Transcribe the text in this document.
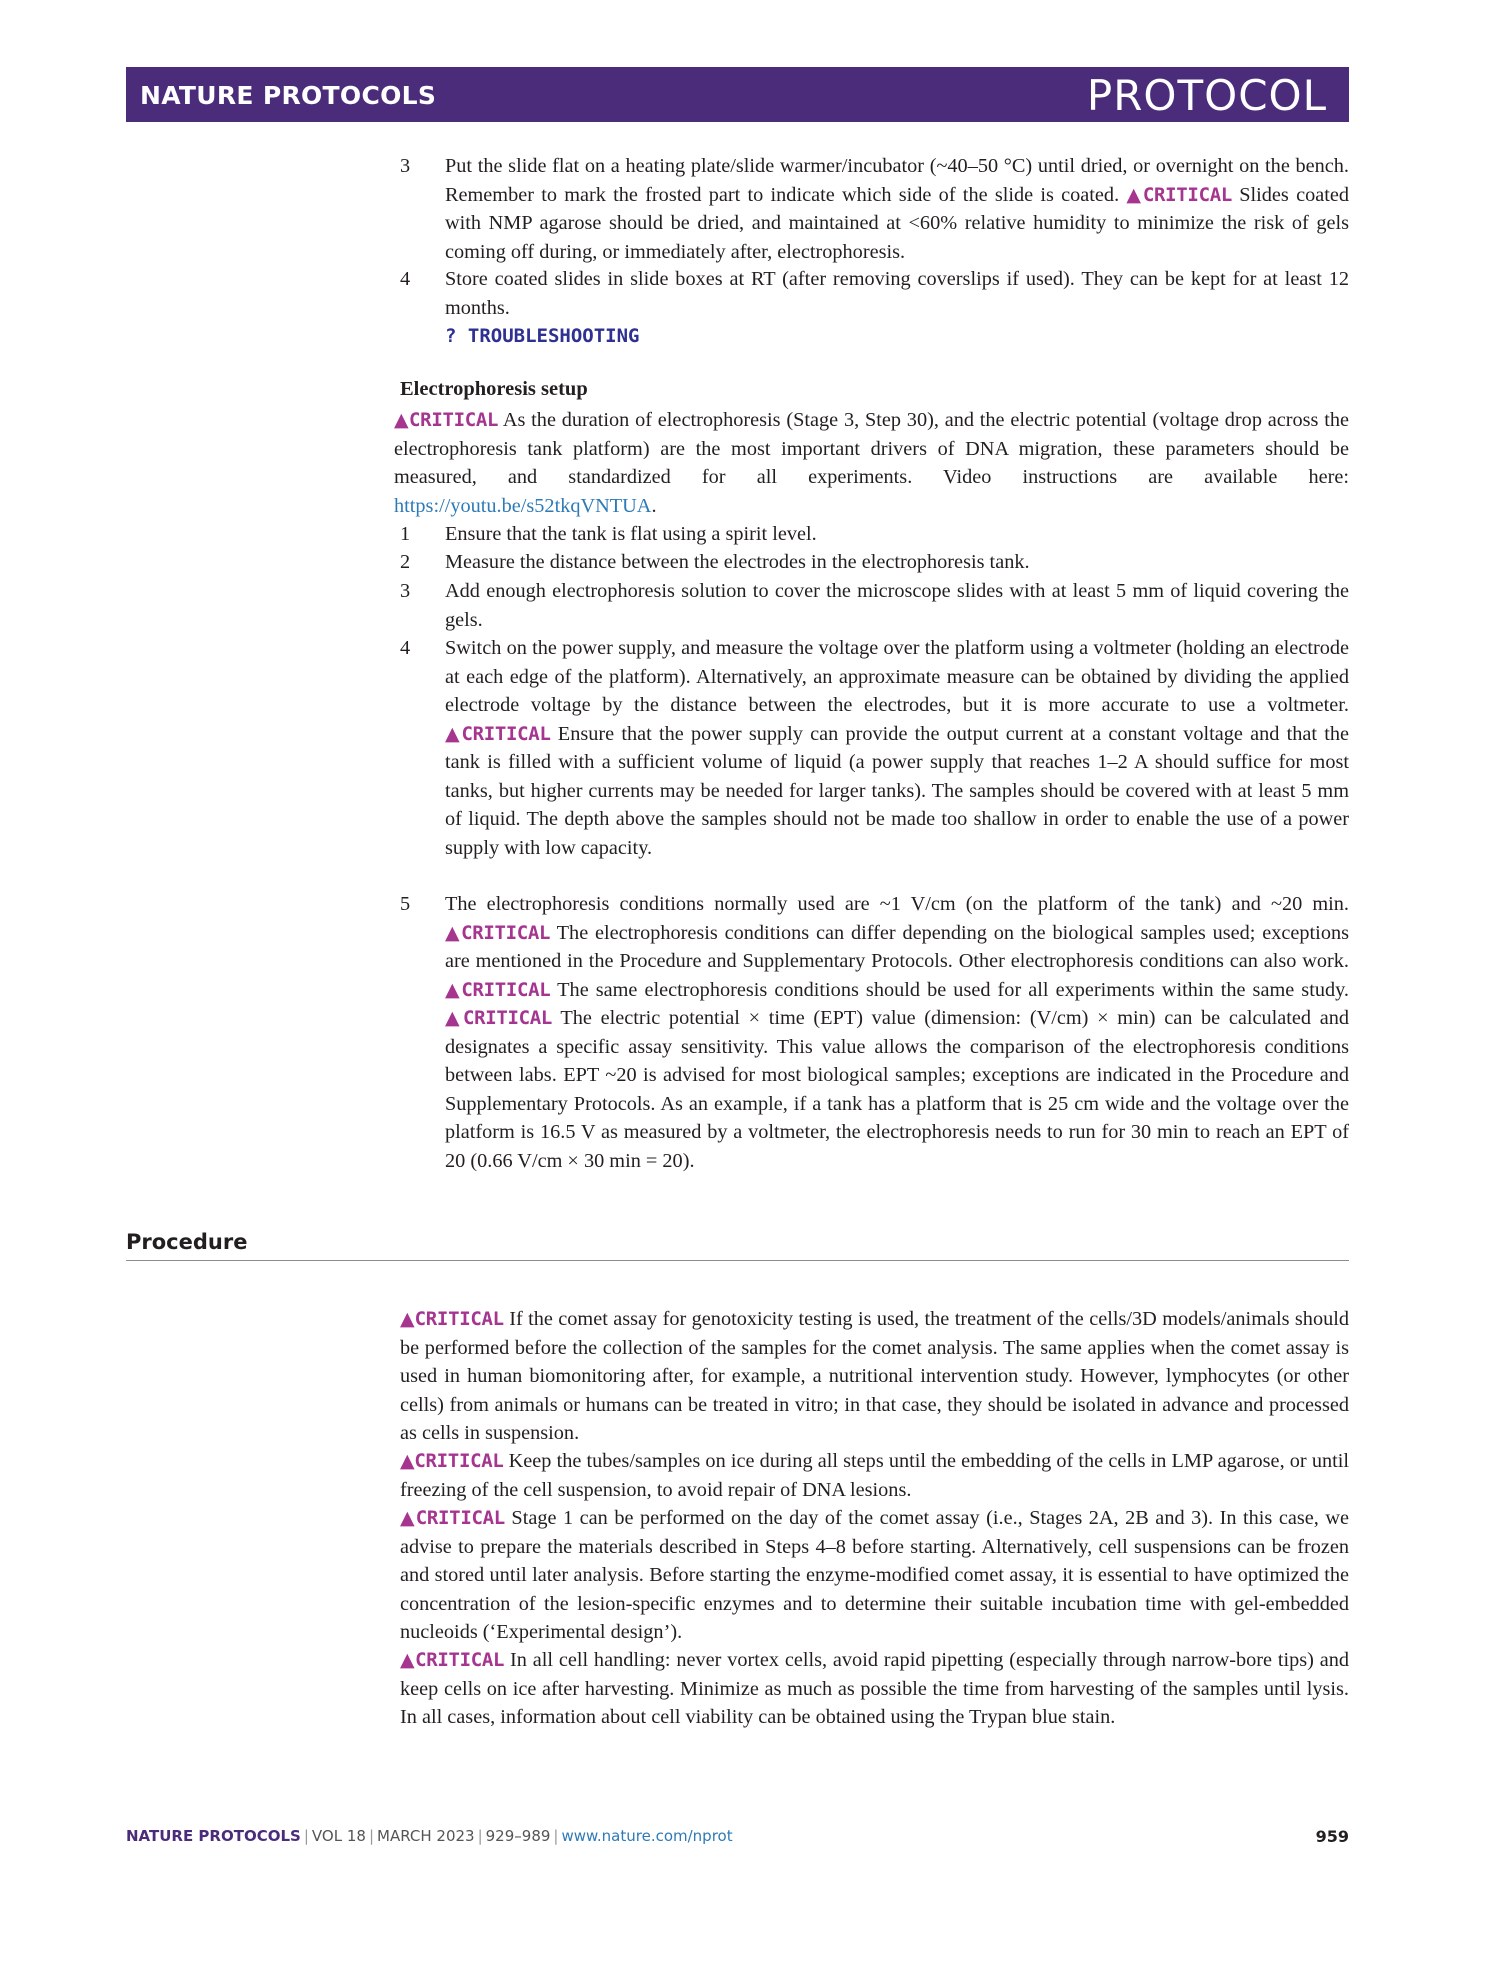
NATURE PROTOCOLS	PROTOCOL
3	Put the slide flat on a heating plate/slide warmer/incubator (~40–50 °C) until dried, or overnight on the bench. Remember to mark the frosted part to indicate which side of the slide is coated. ▲CRITICAL Slides coated with NMP agarose should be dried, and maintained at <60% relative humidity to minimize the risk of gels coming off during, or immediately after, electrophoresis.
4	Store coated slides in slide boxes at RT (after removing coverslips if used). They can be kept for at least 12 months.
? TROUBLESHOOTING
Electrophoresis setup
▲CRITICAL As the duration of electrophoresis (Stage 3, Step 30), and the electric potential (voltage drop across the electrophoresis tank platform) are the most important drivers of DNA migration, these parameters should be measured, and standardized for all experiments. Video instructions are available here: https://youtu.be/s52tkqVNTUA.
1	Ensure that the tank is flat using a spirit level.
2	Measure the distance between the electrodes in the electrophoresis tank.
3	Add enough electrophoresis solution to cover the microscope slides with at least 5 mm of liquid covering the gels.
4	Switch on the power supply, and measure the voltage over the platform using a voltmeter (holding an electrode at each edge of the platform). Alternatively, an approximate measure can be obtained by dividing the applied electrode voltage by the distance between the electrodes, but it is more accurate to use a voltmeter. ▲CRITICAL Ensure that the power supply can provide the output current at a constant voltage and that the tank is filled with a sufficient volume of liquid (a power supply that reaches 1–2 A should suffice for most tanks, but higher currents may be needed for larger tanks). The samples should be covered with at least 5 mm of liquid. The depth above the samples should not be made too shallow in order to enable the use of a power supply with low capacity.
5	The electrophoresis conditions normally used are ~1 V/cm (on the platform of the tank) and ~20 min. ▲CRITICAL The electrophoresis conditions can differ depending on the biological samples used; exceptions are mentioned in the Procedure and Supplementary Protocols. Other electrophoresis conditions can also work. ▲CRITICAL The same electrophoresis conditions should be used for all experiments within the same study. ▲CRITICAL The electric potential × time (EPT) value (dimension: (V/cm) × min) can be calculated and designates a specific assay sensitivity. This value allows the comparison of the electrophoresis conditions between labs. EPT ~20 is advised for most biological samples; exceptions are indicated in the Procedure and Supplementary Protocols. As an example, if a tank has a platform that is 25 cm wide and the voltage over the platform is 16.5 V as measured by a voltmeter, the electrophoresis needs to run for 30 min to reach an EPT of 20 (0.66 V/cm × 30 min = 20).
Procedure
▲CRITICAL If the comet assay for genotoxicity testing is used, the treatment of the cells/3D models/animals should be performed before the collection of the samples for the comet analysis. The same applies when the comet assay is used in human biomonitoring after, for example, a nutritional intervention study. However, lymphocytes (or other cells) from animals or humans can be treated in vitro; in that case, they should be isolated in advance and processed as cells in suspension.
▲CRITICAL Keep the tubes/samples on ice during all steps until the embedding of the cells in LMP agarose, or until freezing of the cell suspension, to avoid repair of DNA lesions.
▲CRITICAL Stage 1 can be performed on the day of the comet assay (i.e., Stages 2A, 2B and 3). In this case, we advise to prepare the materials described in Steps 4–8 before starting. Alternatively, cell suspensions can be frozen and stored until later analysis. Before starting the enzyme-modified comet assay, it is essential to have optimized the concentration of the lesion-specific enzymes and to determine their suitable incubation time with gel-embedded nucleoids (‘Experimental design’).
▲CRITICAL In all cell handling: never vortex cells, avoid rapid pipetting (especially through narrow-bore tips) and keep cells on ice after harvesting. Minimize as much as possible the time from harvesting of the samples until lysis. In all cases, information about cell viability can be obtained using the Trypan blue stain.
NATURE PROTOCOLS | VOL 18 | MARCH 2023 | 929–989 | www.nature.com/nprot	959
